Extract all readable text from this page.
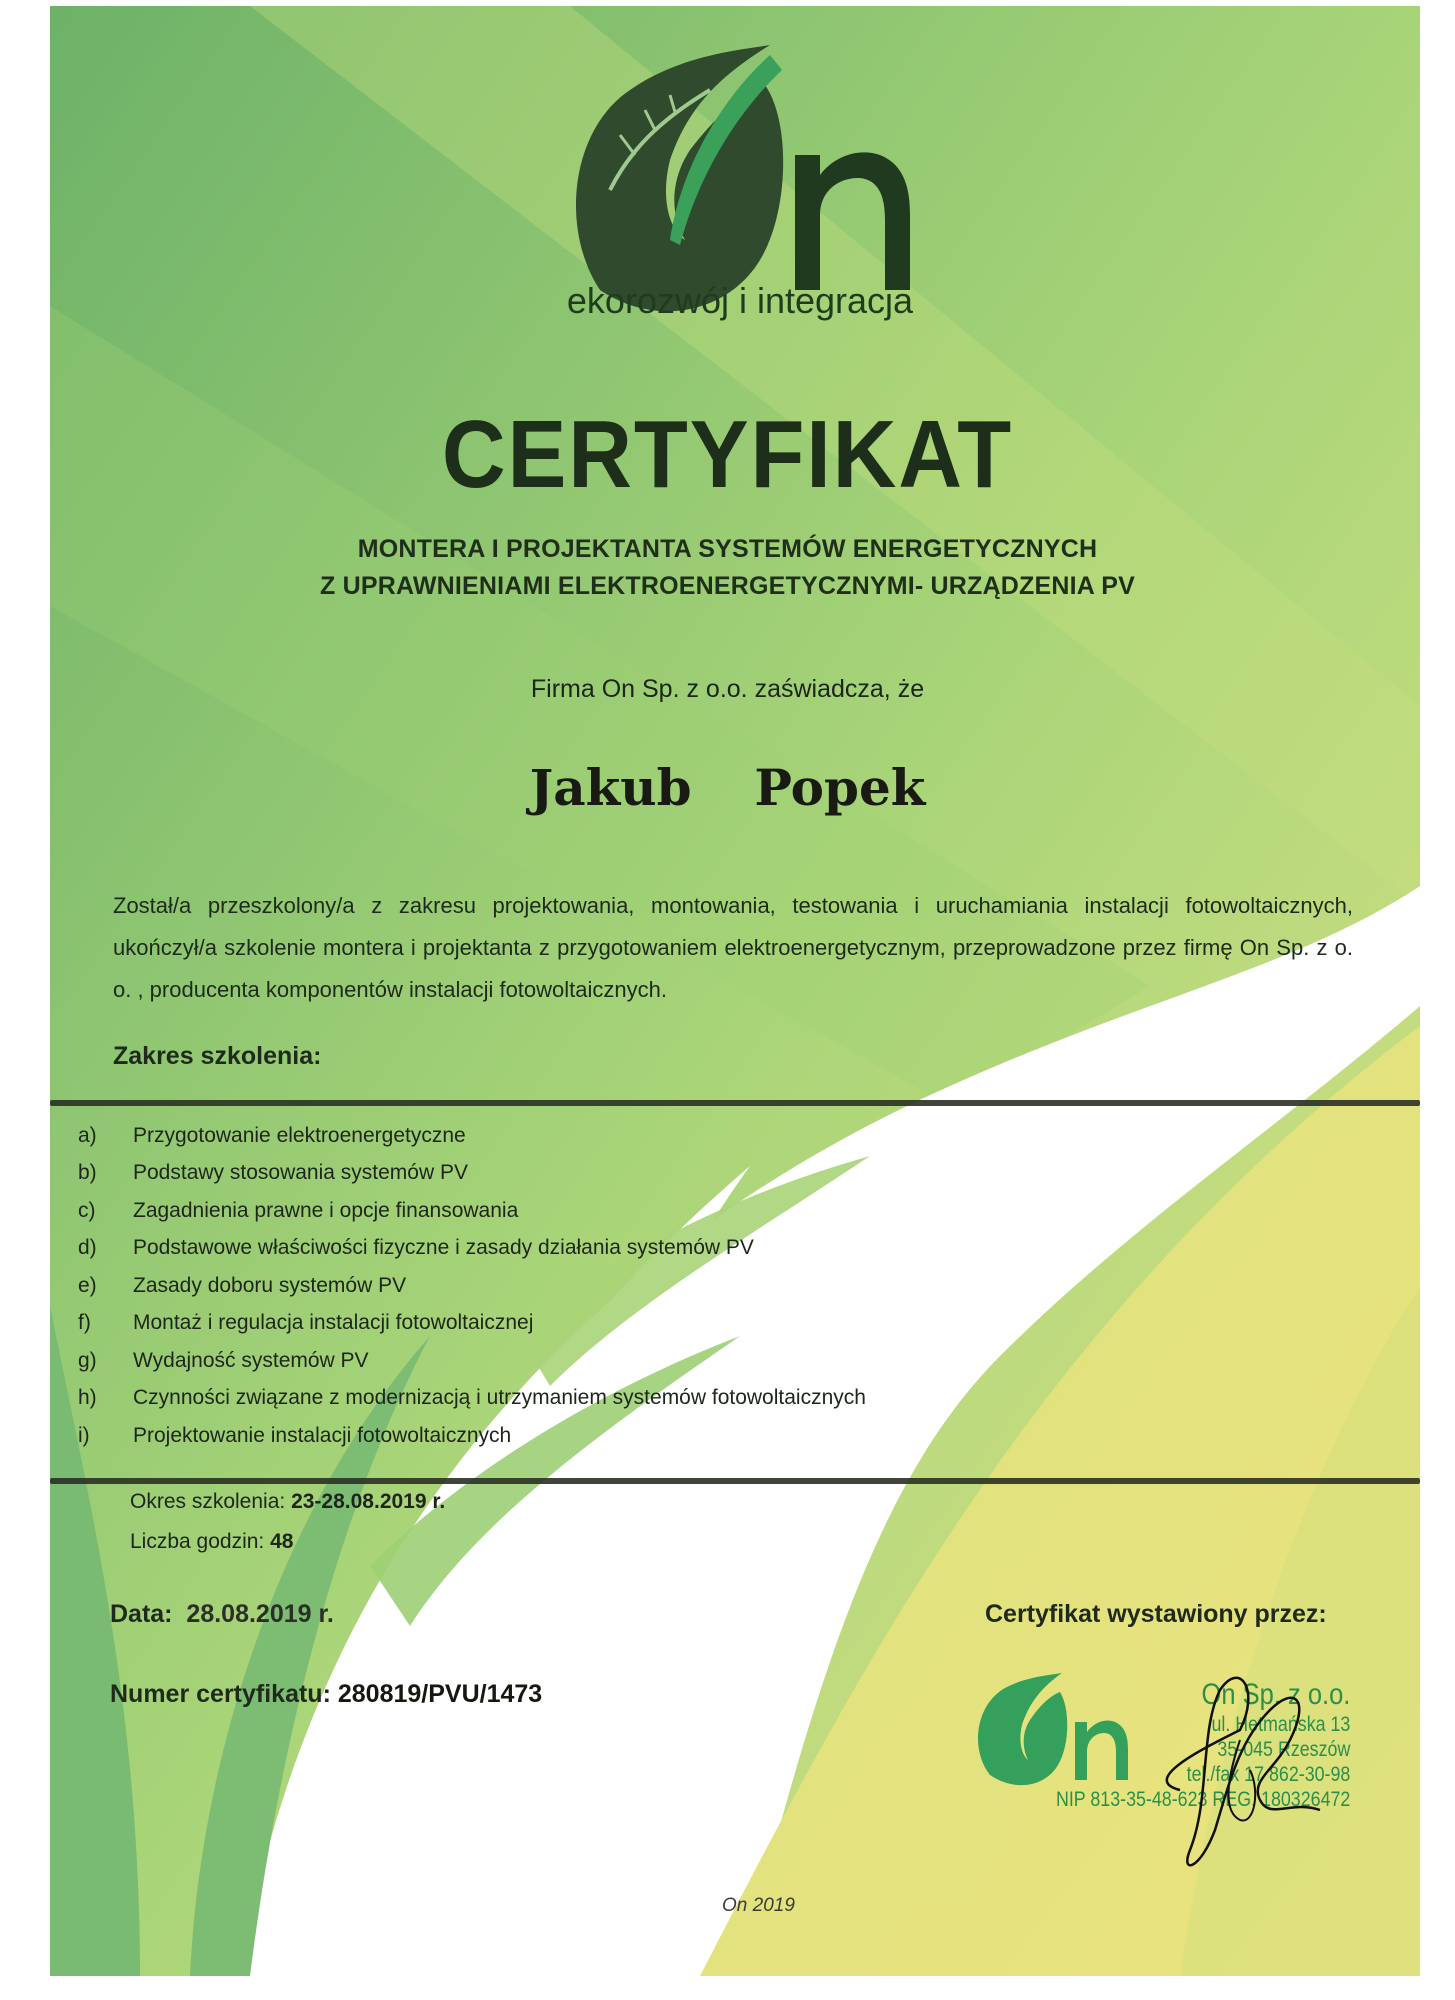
ekorozwój i integracja
CERTYFIKAT
MONTERA I PROJEKTANTA SYSTEMÓW ENERGETYCZNYCH
Z UPRAWNIENIAMI ELEKTROENERGETYCZNYMI- URZĄDZENIA PV
Firma On Sp. z o.o. zaświadcza, że
Jakub  Popek
Został/a przeszkolony/a z zakresu projektowania, montowania, testowania i uruchamiania instalacji fotowoltaicznych, ukończył/a szkolenie montera i projektanta z przygotowaniem elektroenergetycznym, przeprowadzone przez firmę On Sp. z o. o. , producenta komponentów instalacji fotowoltaicznych.
Zakres szkolenia:
a)	Przygotowanie elektroenergetyczne
b)	Podstawy stosowania systemów PV
c)	Zagadnienia prawne i opcje finansowania
d)	Podstawowe właściwości fizyczne i zasady działania systemów PV
e)	Zasady doboru systemów PV
f)	Montaż i regulacja instalacji fotowoltaicznej
g)	Wydajność systemów PV
h)	Czynności związane z modernizacją i utrzymaniem systemów fotowoltaicznych
i)	Projektowanie instalacji fotowoltaicznych
Okres szkolenia: 23-28.08.2019 r.
Liczba godzin: 48
Data: 28.08.2019 r.
Numer certyfikatu: 280819/PVU/1473
Certyfikat wystawiony przez:
On Sp. z o.o.
ul. Hetmańska 13
35-045 Rzeszów
tel./fax 17 862-30-98
NIP 813-35-48-623 REG. 180326472
On 2019
